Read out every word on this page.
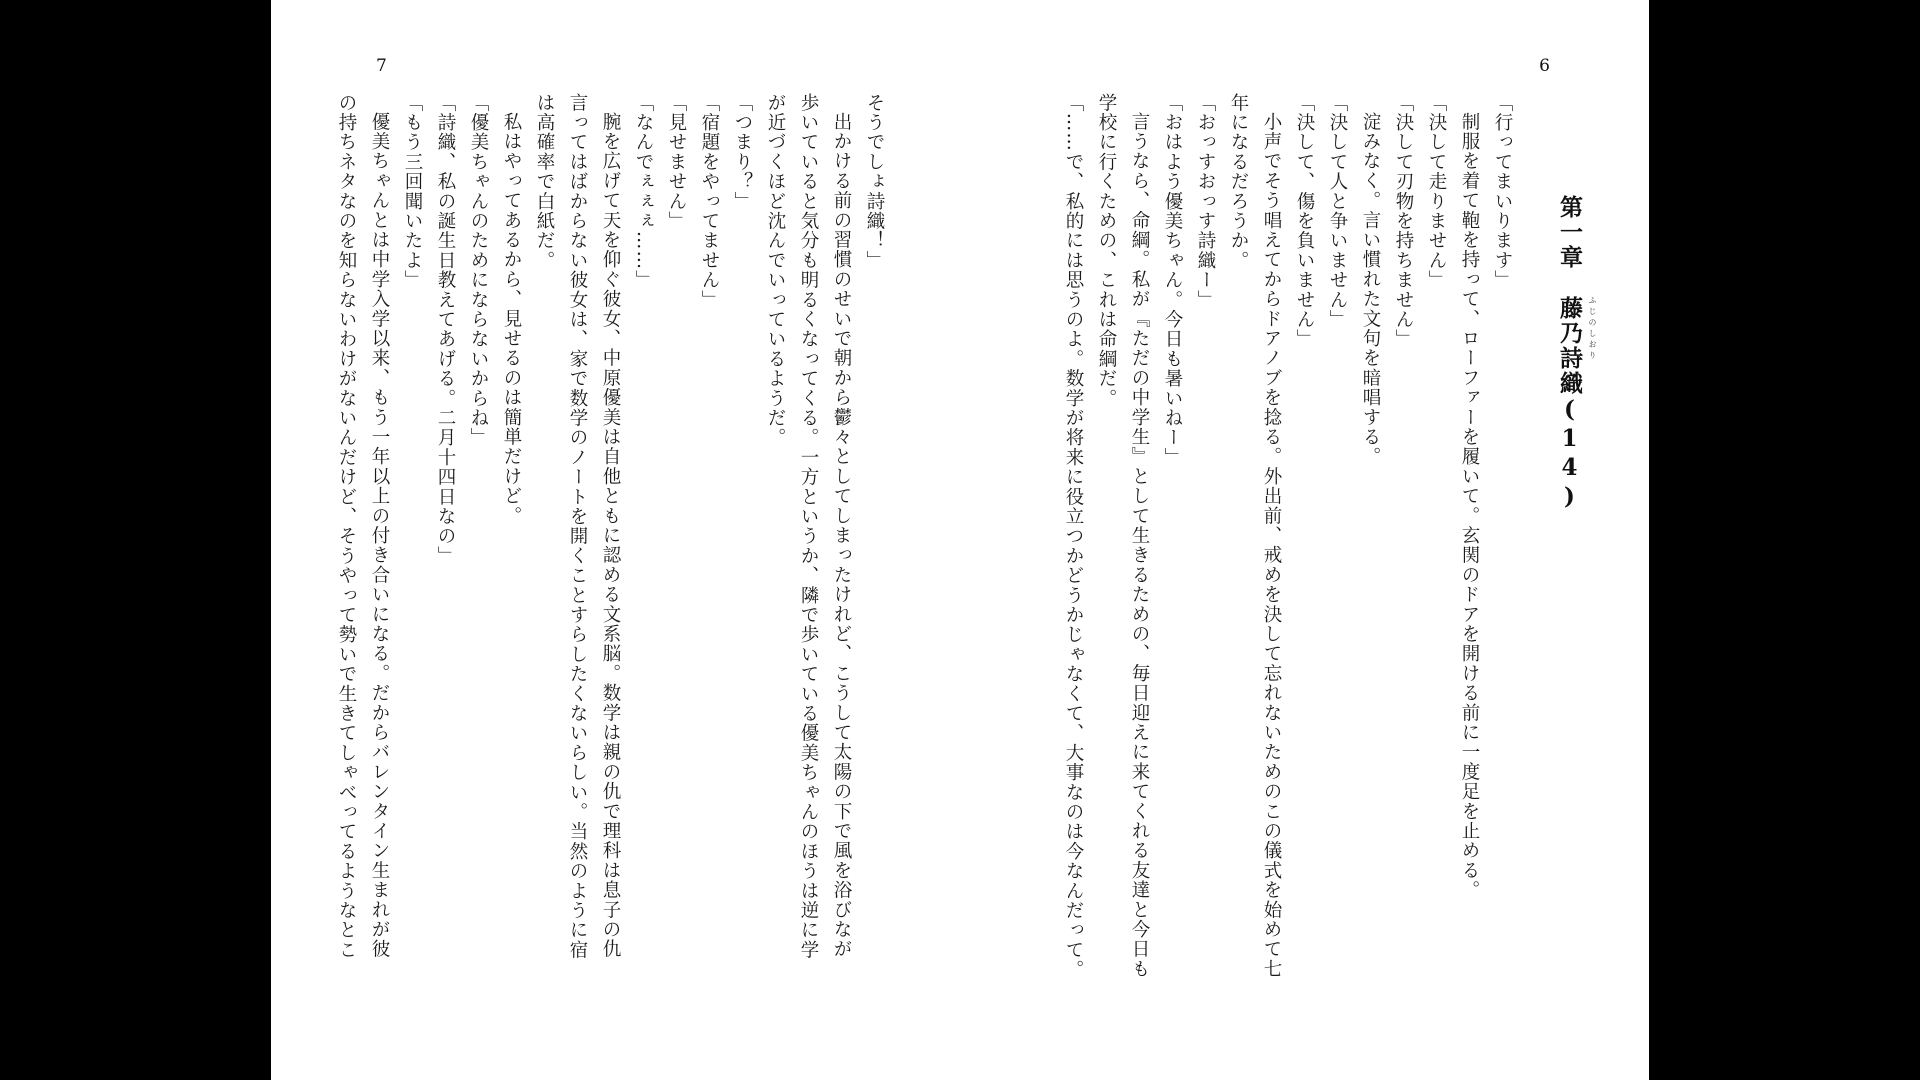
7
そうでしょ詩織！」
出かける前の習慣のせいで朝から鬱々としてしまったけれど、こうして太陽の下で風を浴びなが
歩いていると気分も明るくなってくる。一方というか、隣で歩いている優美ちゃんのほうは逆に学
が近づくほど沈んでいっているようだ。
「つまり？」
「宿題をやってません」
「見せません」
「なんでぇぇぇ……」
腕を広げて天を仰ぐ彼女、中原優美は自他ともに認める文系脳。数学は親の仇で理科は息子の仇
言ってはばからない彼女は、家で数学のノートを開くことすらしたくないらしい。当然のように宿
は高確率で白紙だ。
私はやってあるから、見せるのは簡単だけど。
「優美ちゃんのためにならないからね」
「詩織、私の誕生日教えてあげる。二月十四日なの」
「もう三回聞いたよ」
優美ちゃんとは中学入学以来、もう一年以上の付き合いになる。だからバレンタイン生まれが彼
の持ちネタなのを知らないわけがないんだけど、そうやって勢いで生きてしゃべってるようなとこ
6
第一章藤乃詩織 ふじのしおり
(14)
「行ってまいります」
制服を着て鞄を持って、ローファーを履いて。玄関のドアを開ける前に一度足を止める。
「決して走りません」
「決して刃物を持ちません」
淀みなく。言い慣れた文句を暗唱する。
「決して人と争いません」
「決して、傷を負いません」
小声でそう唱えてからドアノブを捻る。外出前、戒めを決して忘れないためのこの儀式を始めて七
年になるだろうか。
「おっすおっす詩織ー」
「おはよう優美ちゃん。今日も暑いねー」
言うなら、命綱。私が『ただの中学生』として生きるための、毎日迎えに来てくれる友達と今日も
学校に行くための、これは命綱だ。
「……で、私的には思うのよ。数学が将来に役立つかどうかじゃなくて、大事なのは今なんだって。
